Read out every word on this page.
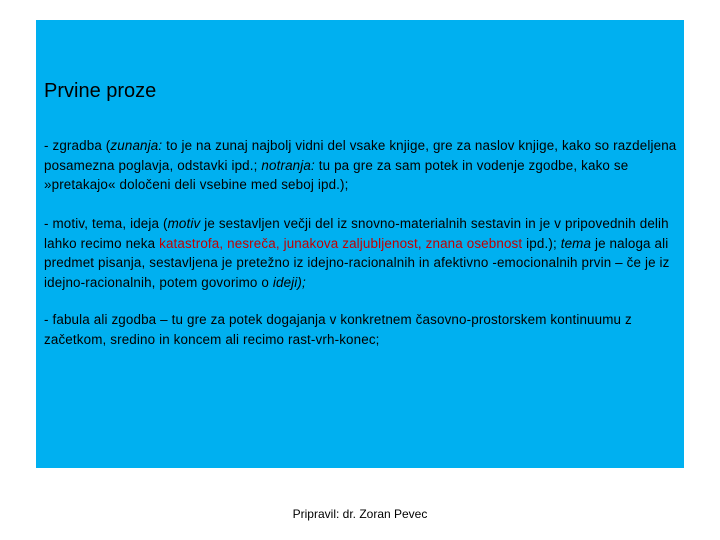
Prvine proze
- zgradba (zunanja: to je na zunaj najbolj vidni del vsake knjige, gre za naslov knjige, kako so razdeljena posamezna poglavja, odstavki ipd.; notranja: tu pa gre za sam potek in vodenje zgodbe, kako se »pretakajo« določeni deli vsebine med seboj ipd.);
- motiv, tema, ideja (motiv je sestavljen večji del iz snovno-materialnih sestavin in je v pripovednih delih lahko recimo neka katastrofa, nesreča, junakova zaljubljenost, znana osebnost ipd.); tema je naloga ali predmet pisanja, sestavljena je pretežno iz idejno-racionalnih in afektivno -emocionalnih prvin – če je iz idejno-racionalnih, potem govorimo o ideji);
- fabula ali zgodba – tu gre za potek dogajanja v konkretnem časovno-prostorskem kontinuumu z začetkom, sredino in koncem ali recimo rast-vrh-konec;
Pripravil: dr. Zoran Pevec
